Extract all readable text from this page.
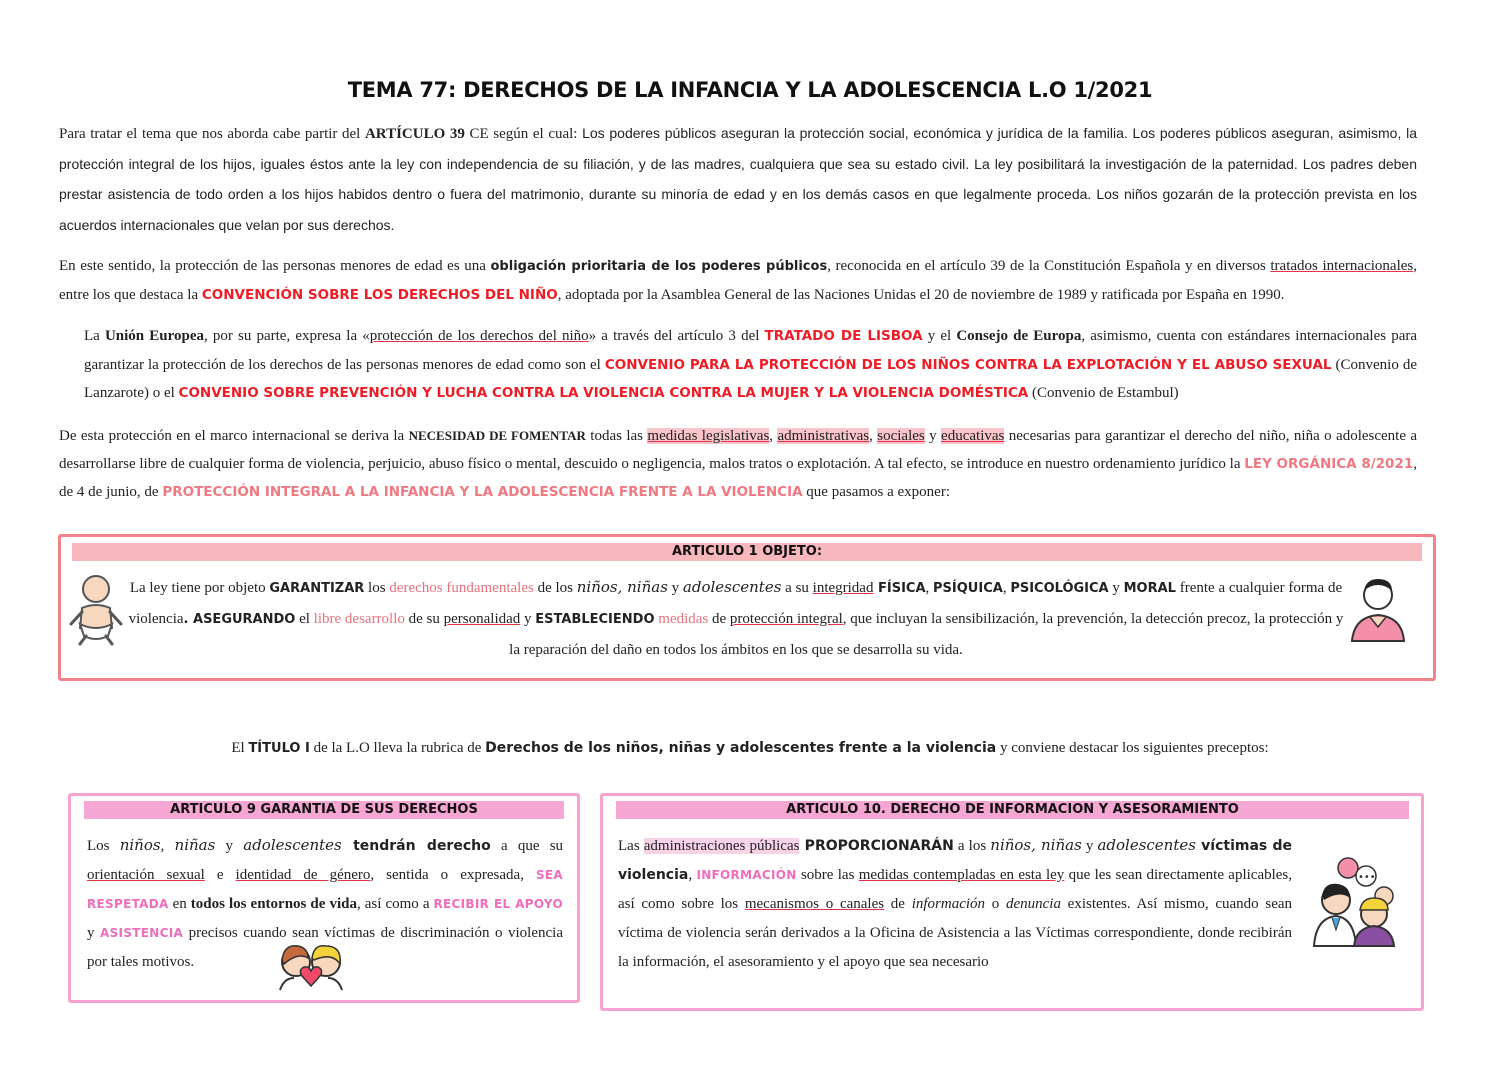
TEMA 77: DERECHOS DE LA INFANCIA Y LA ADOLESCENCIA L.O 1/2021
Para tratar el tema que nos aborda cabe partir del ARTÍCULO 39 CE según el cual: Los poderes públicos aseguran la protección social, económica y jurídica de la familia. Los poderes públicos aseguran, asimismo, la protección integral de los hijos, iguales éstos ante la ley con independencia de su filiación, y de las madres, cualquiera que sea su estado civil. La ley posibilitará la investigación de la paternidad. Los padres deben prestar asistencia de todo orden a los hijos habidos dentro o fuera del matrimonio, durante su minoría de edad y en los demás casos en que legalmente proceda. Los niños gozarán de la protección prevista en los acuerdos internacionales que velan por sus derechos.
En este sentido, la protección de las personas menores de edad es una obligación prioritaria de los poderes públicos, reconocida en el artículo 39 de la Constitución Española y en diversos tratados internacionales, entre los que destaca la CONVENCIÓN SOBRE LOS DERECHOS DEL NIÑO, adoptada por la Asamblea General de las Naciones Unidas el 20 de noviembre de 1989 y ratificada por España en 1990.
La Unión Europea, por su parte, expresa la «protección de los derechos del niño» a través del artículo 3 del TRATADO DE LISBOA y el Consejo de Europa, asimismo, cuenta con estándares internacionales para garantizar la protección de los derechos de las personas menores de edad como son el CONVENIO PARA LA PROTECCIÓN DE LOS NIÑOS CONTRA LA EXPLOTACIÓN Y EL ABUSO SEXUAL (Convenio de Lanzarote) o el CONVENIO SOBRE PREVENCIÓN Y LUCHA CONTRA LA VIOLENCIA CONTRA LA MUJER Y LA VIOLENCIA DOMÉSTICA (Convenio de Estambul)
De esta protección en el marco internacional se deriva la NECESIDAD DE FOMENTAR todas las medidas legislativas, administrativas, sociales y educativas necesarias para garantizar el derecho del niño, niña o adolescente a desarrollarse libre de cualquier forma de violencia, perjuicio, abuso físico o mental, descuido o negligencia, malos tratos o explotación. A tal efecto, se introduce en nuestro ordenamiento jurídico la LEY ORGÁNICA 8/2021, de 4 de junio, de PROTECCIÓN INTEGRAL A LA INFANCIA Y LA ADOLESCENCIA FRENTE A LA VIOLENCIA que pasamos a exponer:
ARTICULO 1 OBJETO:
La ley tiene por objeto GARANTIZAR los derechos fundamentales de los niños, niñas y adolescentes a su integridad FÍSICA, PSÍQUICA, PSICOLÓGICA y MORAL frente a cualquier forma de violencia. ASEGURANDO el libre desarrollo de su personalidad y ESTABLECIENDO medidas de protección integral, que incluyan la sensibilización, la prevención, la detección precoz, la protección y la reparación del daño en todos los ámbitos en los que se desarrolla su vida.
El TÍTULO I de la L.O lleva la rubrica de Derechos de los niños, niñas y adolescentes frente a la violencia y conviene destacar los siguientes preceptos:
ARTICULO 9 GARANTIA DE SUS DERECHOS
Los niños, niñas y adolescentes tendrán derecho a que su orientación sexual e identidad de género, sentida o expresada, SEA RESPETADA en todos los entornos de vida, así como a RECIBIR EL APOYO y ASISTENCIA precisos cuando sean víctimas de discriminación o violencia por tales motivos.
ARTICULO 10. DERECHO DE INFORMACION Y ASESORAMIENTO
Las administraciones públicas PROPORCIONARÁN a los niños, niñas y adolescentes víctimas de violencia, INFORMACIÓN sobre las medidas contempladas en esta ley que les sean directamente aplicables, así como sobre los mecanismos o canales de información o denuncia existentes. Así mismo, cuando sean víctima de violencia serán derivados a la Oficina de Asistencia a las Víctimas correspondiente, donde recibirán la información, el asesoramiento y el apoyo que sea necesario
•••
